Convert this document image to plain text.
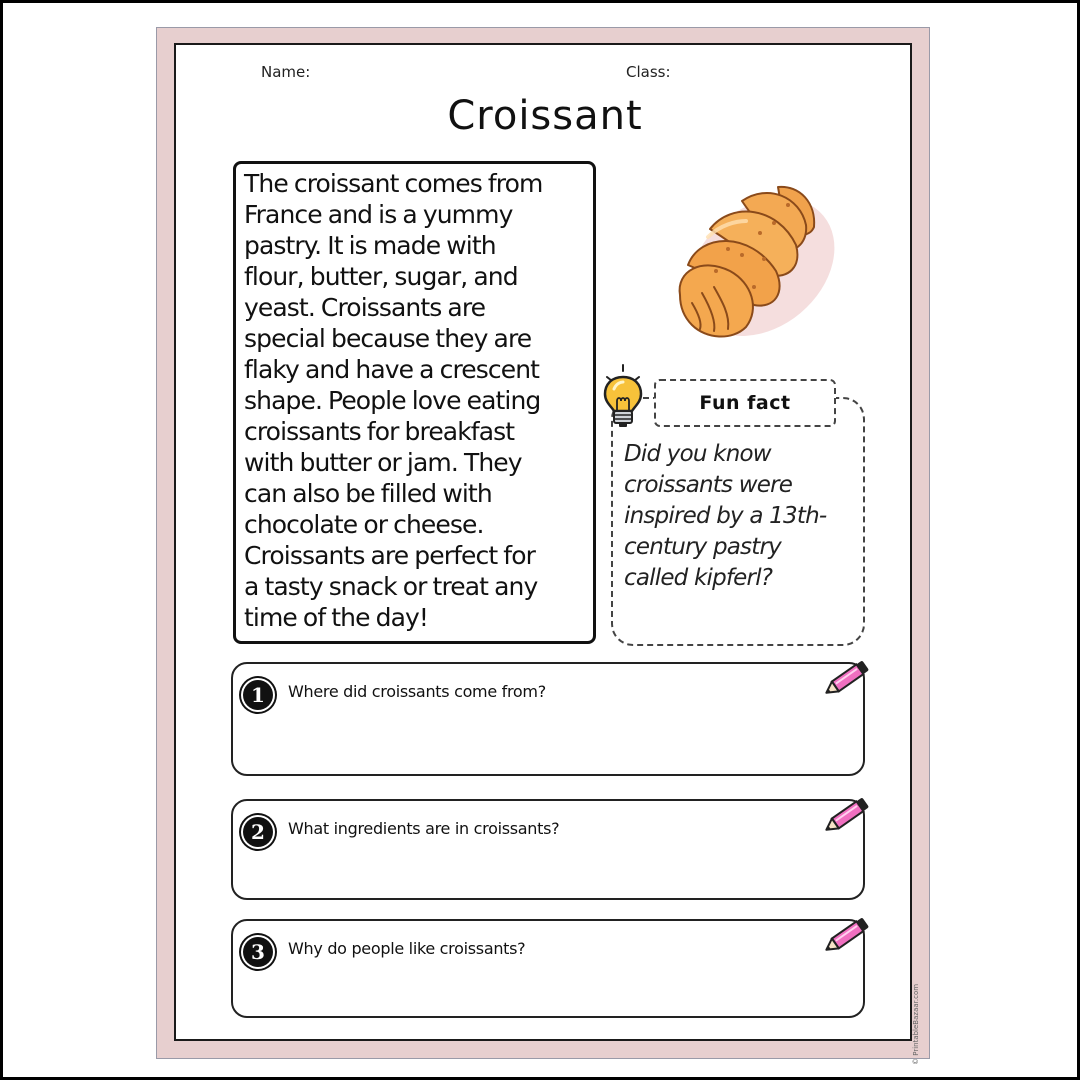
Name:	Class:
Croissant
The croissant comes from
France and is a yummy
pastry. It is made with
flour, butter, sugar, and
yeast. Croissants are
special because they are
flaky and have a crescent
shape. People love eating
croissants for breakfast
with butter or jam. They
can also be filled with
chocolate or cheese.
Croissants are perfect for
a tasty snack or treat any
time of the day!
Fun fact
Did you know
croissants were
inspired by a 13th-
century pastry
called kipferl?
1	Where did croissants come from?
2	What ingredients are in croissants?
3	Why do people like croissants?
© PrintableBazaar.com
